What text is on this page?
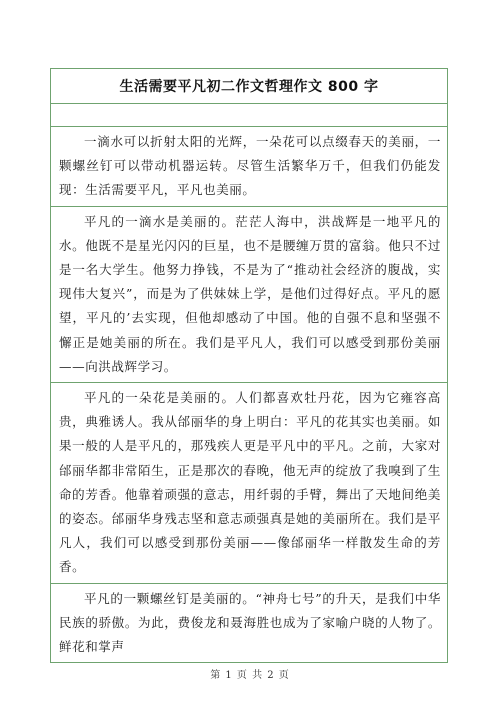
生活需要平凡初二作文哲理作文 800 字
一滴水可以折射太阳的光辉，一朵花可以点缀春天的美丽，一颗螺丝钉可以带动机器运转。尽管生活繁华万千，但我们仍能发现：生活需要平凡，平凡也美丽。
平凡的一滴水是美丽的。茫茫人海中，洪战辉是一地平凡的水。他既不是星光闪闪的巨星，也不是腰缠万贯的富翁。他只不过是一名大学生。他努力挣钱，不是为了“推动社会经济的腹战，实现伟大复兴”，而是为了供妹妹上学，是他们过得好点。平凡的愿望，平凡的’去实现，但他却感动了中国。他的自强不息和坚强不懈正是她美丽的所在。我们是平凡人，我们可以感受到那份美丽——向洪战辉学习。
平凡的一朵花是美丽的。人们都喜欢牡丹花，因为它雍容高贵，典雅诱人。我从邰丽华的身上明白：平凡的花其实也美丽。如果一般的人是平凡的，那残疾人更是平凡中的平凡。之前，大家对邰丽华都非常陌生，正是那次的春晚，他无声的绽放了我嗅到了生命的芳香。他靠着顽强的意志，用纤弱的手臂，舞出了天地间绝美的姿态。邰丽华身残志坚和意志顽强真是她的美丽所在。我们是平凡人，我们可以感受到那份美丽——像邰丽华一样散发生命的芳香。
平凡的一颗螺丝钉是美丽的。“神舟七号”的升天，是我们中华民族的骄傲。为此，费俊龙和聂海胜也成为了家喻户晓的人物了。鲜花和掌声
第 1 页 共 2 页
